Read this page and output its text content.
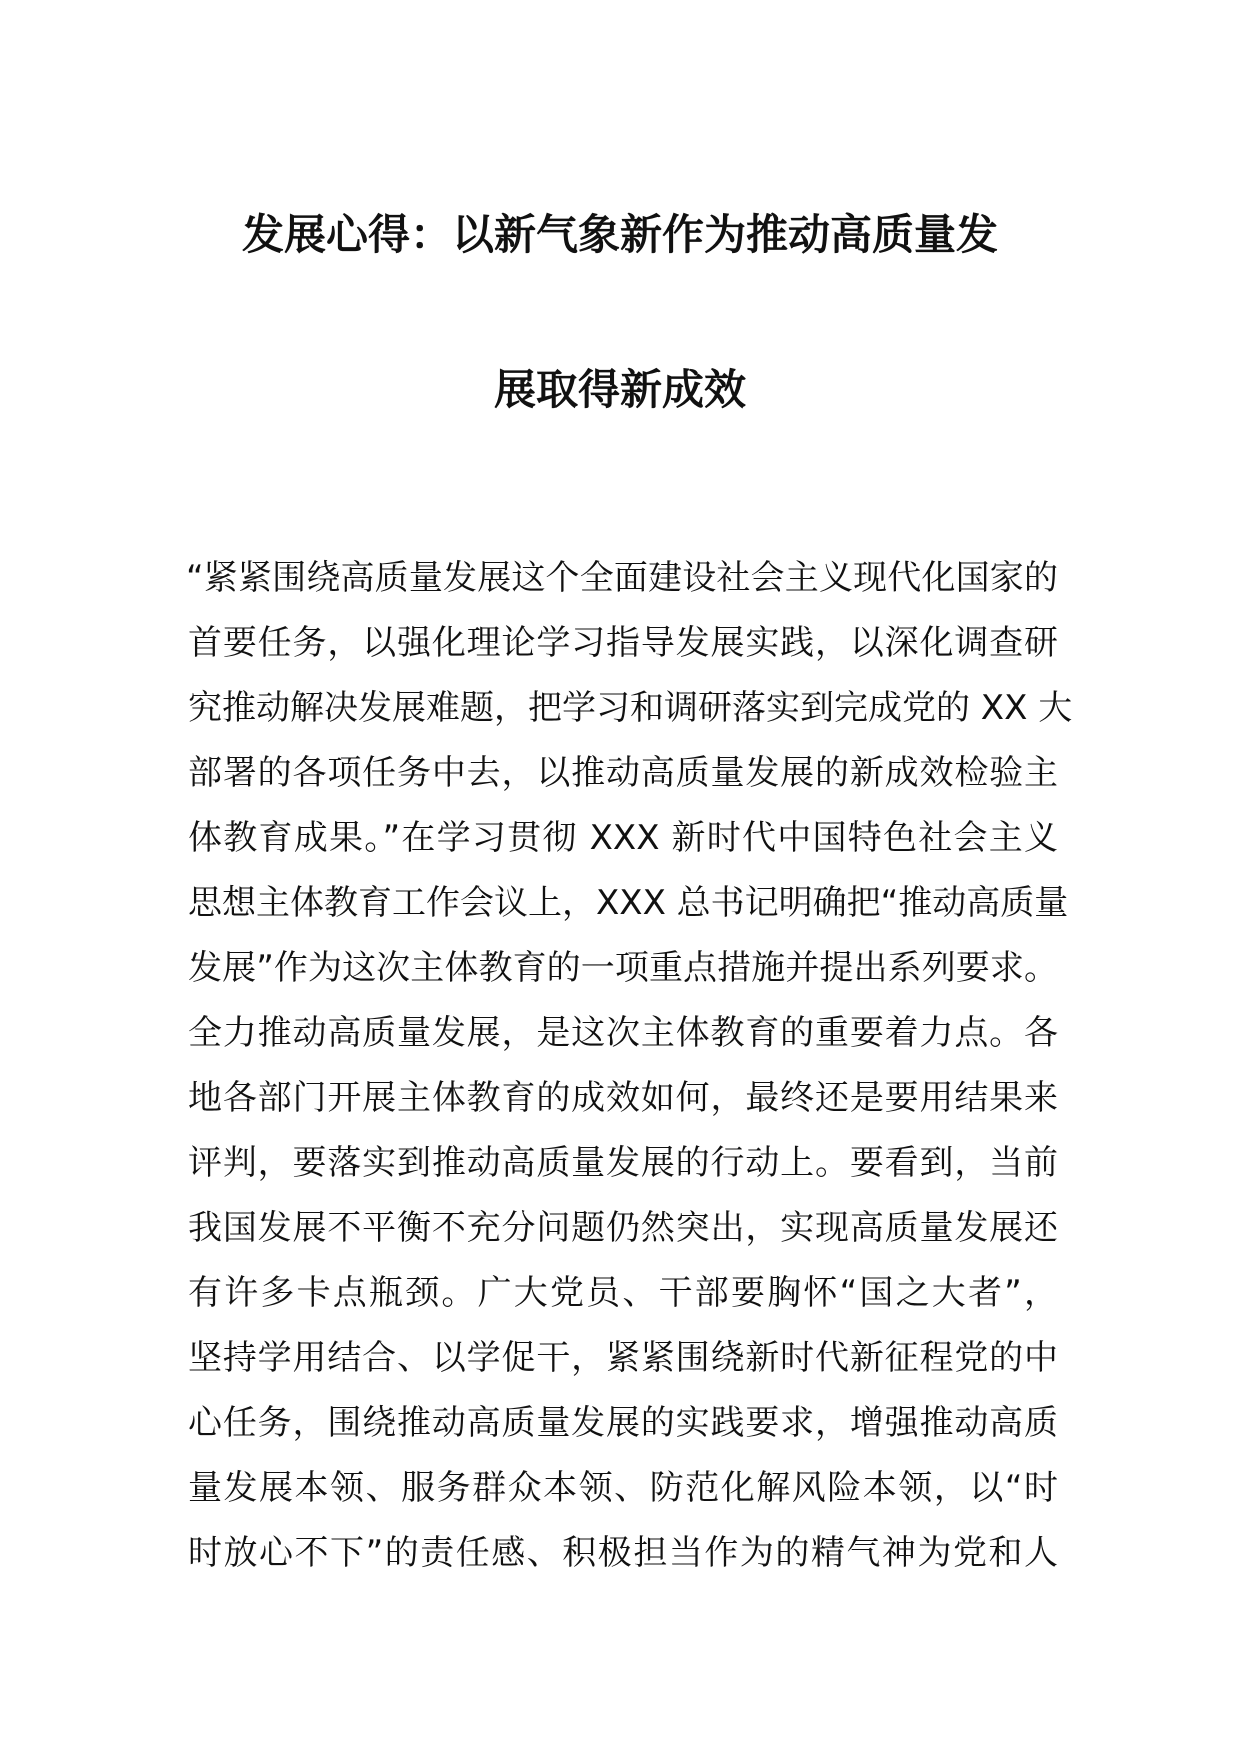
发展心得：以新气象新作为推动高质量发
展取得新成效
“紧紧围绕高质量发展这个全面建设社会主义现代化国家的
首要任务，以强化理论学习指导发展实践，以深化调查研
究推动解决发展难题，把学习和调研落实到完成党的 XX 大
部署的各项任务中去，以推动高质量发展的新成效检验主
体教育成果。”在学习贯彻 XXX 新时代中国特色社会主义
思想主体教育工作会议上，XXX 总书记明确把“推动高质量
发展”作为这次主体教育的一项重点措施并提出系列要求。
全力推动高质量发展，是这次主体教育的重要着力点。各
地各部门开展主体教育的成效如何，最终还是要用结果来
评判，要落实到推动高质量发展的行动上。要看到，当前
我国发展不平衡不充分问题仍然突出，实现高质量发展还
有许多卡点瓶颈。广大党员、干部要胸怀“国之大者”，
坚持学用结合、以学促干，紧紧围绕新时代新征程党的中
心任务，围绕推动高质量发展的实践要求，增强推动高质
量发展本领、服务群众本领、防范化解风险本领，以“时
时放心不下”的责任感、积极担当作为的精气神为党和人
